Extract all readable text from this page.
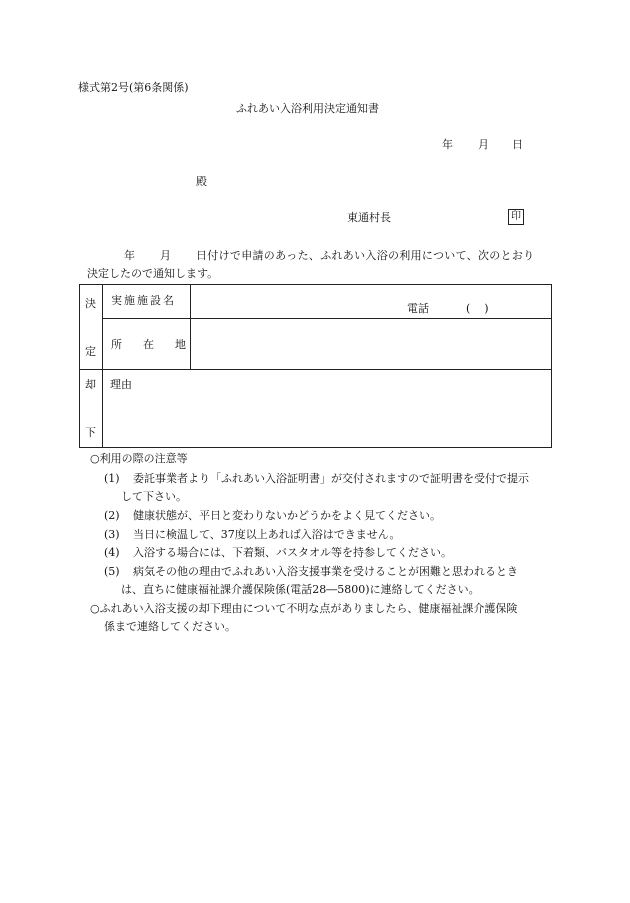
様式第2号(第6条関係)
ふれあい入浴利用決定通知書
年 月 日
殿
東通村長	印
年 月 日付けで申請のあった、ふれあい入浴の利用について、次のとおり
決定したので通知します。
決
定
実施施設名
電話	(    )
所 在 地
却
下
理由
○利用の際の注意等
(1) 委託事業者より「ふれあい入浴証明書」が交付されますので証明書を受付で提示
して下さい。
(2) 健康状態が、平日と変わりないかどうかをよく見てください。
(3) 当日に検温して、37度以上あれば入浴はできません。
(4) 入浴する場合には、下着類、バスタオル等を持参してください。
(5) 病気その他の理由でふれあい入浴支援事業を受けることが困難と思われるとき
は、直ちに健康福祉課介護保険係(電話28―5800)に連絡してください。
○ふれあい入浴支援の却下理由について不明な点がありましたら、健康福祉課介護保険
係まで連絡してください。
